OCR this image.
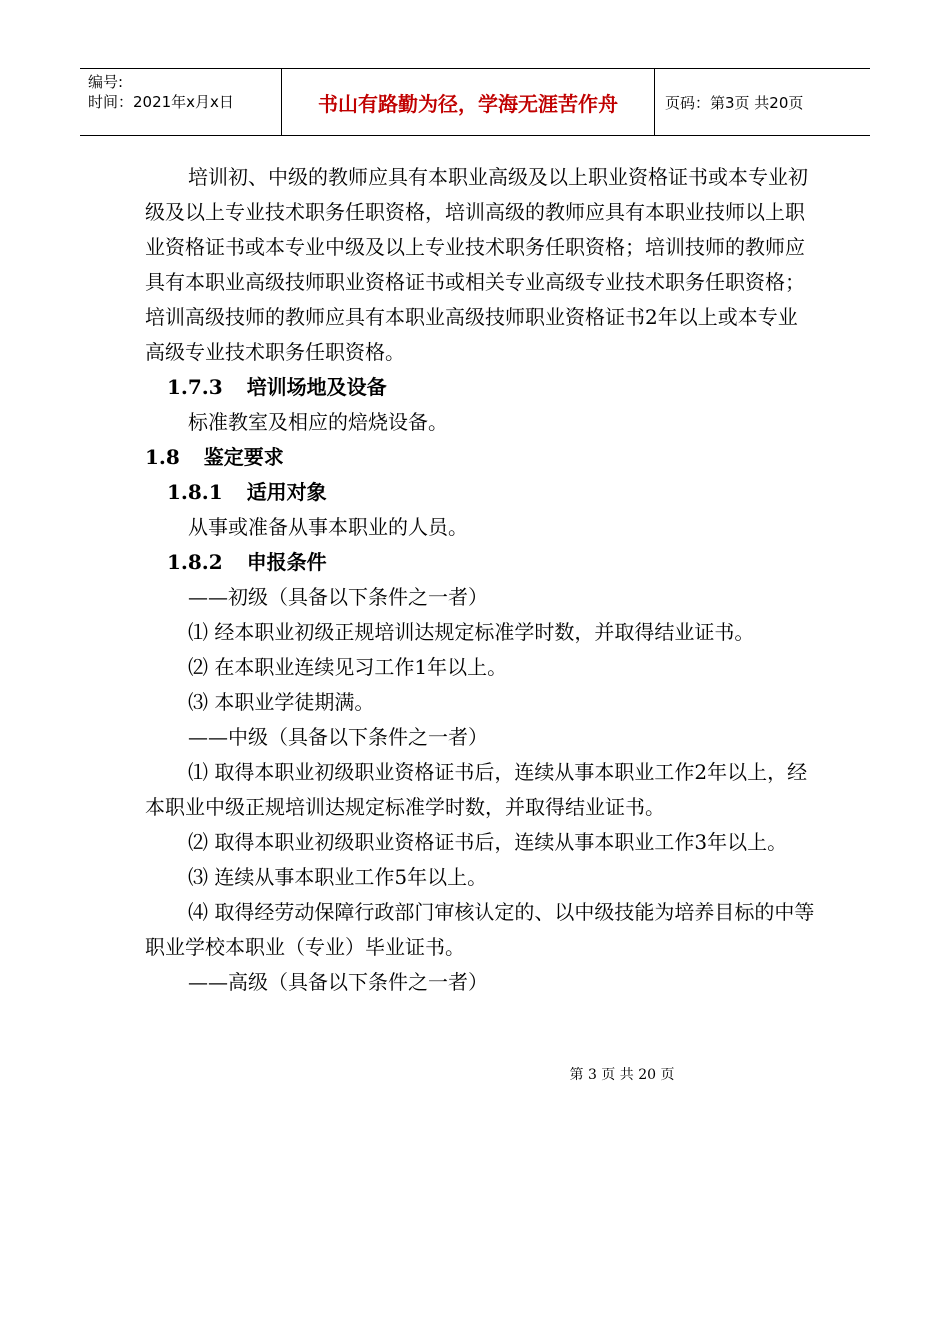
编号:
时间：2021年x月x日	书山有路勤为径，学海无涯苦作舟	页码：第3页 共20页

培训初、中级的教师应具有本职业高级及以上职业资格证书或本专业初级及以上专业技术职务任职资格，培训高级的教师应具有本职业技师以上职业资格证书或本专业中级及以上专业技术职务任职资格；培训技师的教师应具有本职业高级技师职业资格证书或相关专业高级专业技术职务任职资格；培训高级技师的教师应具有本职业高级技师职业资格证书2年以上或本专业高级专业技术职务任职资格。

1.7.3 培训场地及设备

标准教室及相应的焙烧设备。

1.8 鉴定要求

1.8.1 适用对象

从事或准备从事本职业的人员。

1.8.2 申报条件

——初级（具备以下条件之一者）

⑴ 经本职业初级正规培训达规定标准学时数，并取得结业证书。

⑵ 在本职业连续见习工作1年以上。

⑶ 本职业学徒期满。

——中级（具备以下条件之一者）

⑴ 取得本职业初级职业资格证书后，连续从事本职业工作2年以上，经本职业中级正规培训达规定标准学时数，并取得结业证书。

⑵ 取得本职业初级职业资格证书后，连续从事本职业工作3年以上。

⑶ 连续从事本职业工作5年以上。

⑷ 取得经劳动保障行政部门审核认定的、以中级技能为培养目标的中等职业学校本职业（专业）毕业证书。

——高级（具备以下条件之一者）

第 3 页 共 20 页
